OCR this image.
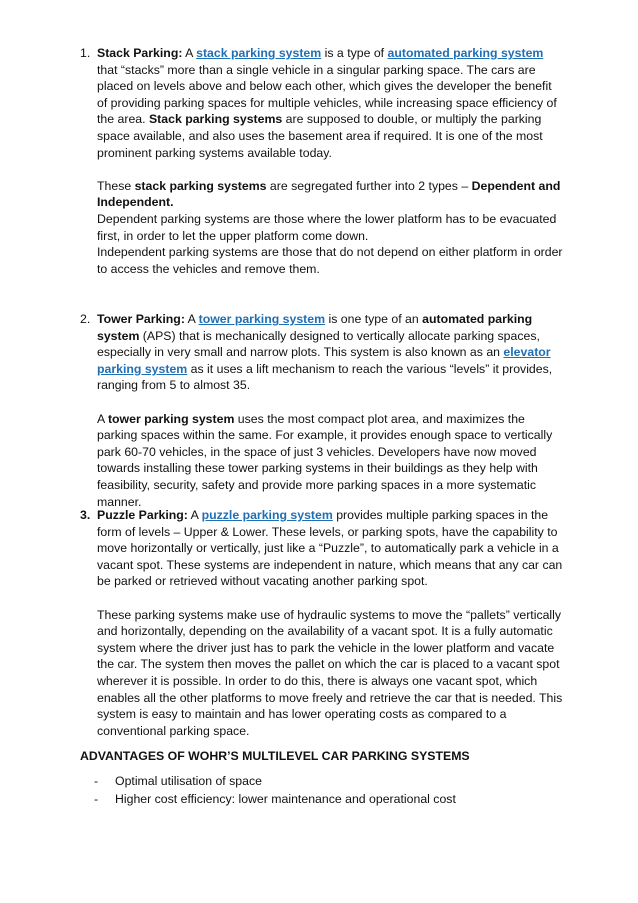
1. Stack Parking: A stack parking system is a type of automated parking system that “stacks” more than a single vehicle in a singular parking space. The cars are placed on levels above and below each other, which gives the developer the benefit of providing parking spaces for multiple vehicles, while increasing space efficiency of the area. Stack parking systems are supposed to double, or multiply the parking space available, and also uses the basement area if required. It is one of the most prominent parking systems available today.

These stack parking systems are segregated further into 2 types – Dependent and Independent.

Dependent parking systems are those where the lower platform has to be evacuated first, in order to let the upper platform come down.

Independent parking systems are those that do not depend on either platform in order to access the vehicles and remove them.

2. Tower Parking: A tower parking system is one type of an automated parking system (APS) that is mechanically designed to vertically allocate parking spaces, especially in very small and narrow plots. This system is also known as an elevator parking system as it uses a lift mechanism to reach the various “levels” it provides, ranging from 5 to almost 35.

A tower parking system uses the most compact plot area, and maximizes the parking spaces within the same. For example, it provides enough space to vertically park 60-70 vehicles, in the space of just 3 vehicles. Developers have now moved towards installing these tower parking systems in their buildings as they help with feasibility, security, safety and provide more parking spaces in a more systematic manner.

3. Puzzle Parking: A puzzle parking system provides multiple parking spaces in the form of levels – Upper & Lower. These levels, or parking spots, have the capability to move horizontally or vertically, just like a “Puzzle”, to automatically park a vehicle in a vacant spot. These systems are independent in nature, which means that any car can be parked or retrieved without vacating another parking spot.

These parking systems make use of hydraulic systems to move the “pallets” vertically and horizontally, depending on the availability of a vacant spot. It is a fully automatic system where the driver just has to park the vehicle in the lower platform and vacate the car. The system then moves the pallet on which the car is placed to a vacant spot wherever it is possible. In order to do this, there is always one vacant spot, which enables all the other platforms to move freely and retrieve the car that is needed. This system is easy to maintain and has lower operating costs as compared to a conventional parking space.

ADVANTAGES OF WOHR’S MULTILEVEL CAR PARKING SYSTEMS
- Optimal utilisation of space
- Higher cost efficiency: lower maintenance and operational cost
